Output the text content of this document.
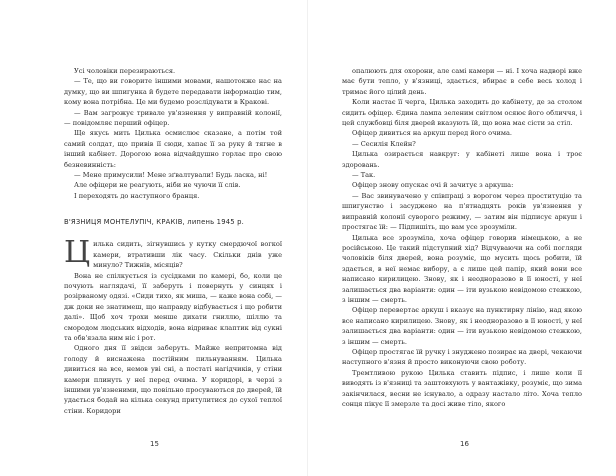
Усі чоловіки перезираються.

— Те, що ви говорите іншими мовами, нашотокже нас на думку, що ви шпигунка й будете передавати інформацію тим, кому вона потрібна. Це ми будемо розслідувати в Кракові.

— Вам загрожує тривале ув'язнення у виправній колонії, — повідомляє перший офіцер.

Ще якусь мить Цилька осмислює сказане, а потім той самий солдат, що привів її сюди, хапає її за руку й тягне в інший кабінет. Дорогою вона відчайдушно горлає про свою безневинність:

— Мене примусили! Мене зґвалтували! Будь ласка, ні!

Але офіцери не реагують, ніби не чуючи її слів.

І переходять до наступного бранця.

В'ЯЗНИЦЯ МОНТЕЛУПІЧ, КРАКІВ, липень 1945 р.

Цилька сидить, зігнувшись у кутку смердючої вогкої камери, втративши лік часу. Скільки днів уже минуло? Тижнів, місяців?

Вона не спілкується із сусідками по камері, бо, коли це почують наглядачі, її заберуть і повернуть у синцях і розірваному одязі. «Сиди тихо, як миша, — каже вона собі, — дж доки не знатимеш, що направду відбувається і що робити далі». Щоб хоч трохи менше дихати гниллю, шіллю та смородом людських відходів, вона відриває клаптик від сукні та обв'язала ним ніс і рот.

Одного дня її звідси заберуть. Майже непритомна від голоду й виснажена постійним пильнуванням. Цилька дивиться на все, немов уві сні, а постаті нагідчиків, у стіни камери плинуть у неї перед очима. У коридорі, в черзі з іншими ув'язненими, що повільно просуваються до дверей, їй удається бодай на кілька секунд притулитися до сухої теплої стіни. Коридори

15

опалюють для охорони, але самі камери — ні. І хоча надворі вже має бути тепло, у в'язниці, здається, вбирає в себе весь холод і тримає його цілий день.

Коли настає її черга, Цилька заходить до кабінету, де за столом сидить офіцер. Єдина лампа зеленим світлом осяює його обличчя, і цей службовці біля дверей вказують їй, що вона має сісти за стіл.

Офіцер дивиться на аркуш перед його очима.

— Сесилія Клейн?

Цилька озирається навкруг: у кабінеті лише вона і троє здоровань.

— Так.

Офіцер знову опускає очі й зачитує з аркуша:

— Вас звинувачено у співпраці з ворогом через проституцію та шпигунство і засуджено на п'ятнадцять років ув'язнення у виправній колонії суворого режиму, — затим він підписує аркуш і простягає їй: — Підпишіть, що вам усе зрозуміли.

Цилька все зрозуміла, хоча офіцер говорив німецькою, а не російською. Це такий підступний хід? Відчуваючи на собі погляди чоловіків біля дверей, вона розуміє, що мусить щось робити, їй здається, в неї немає вибору, а є лише цей папір, який вони все написано кирилицею. Знову, як і неодноразово в її юності, у неї залишається два варіанти: один — іти вузькою невідомою стежкою, з іншим — смерть.

Офіцер перевертає аркуш і вказує на пунктирну лінію, над якою все написано кирилицею. Знову, як і неодноразово в її юності, у неї залишається два варіанти: один — іти вузькою невідомою стежкою, з іншим — смерть.

Офіцер простягає їй ручку і знуджено позирає на двері, чекаючи наступного в'язня й просто виконуючи свою роботу.

Тремтливою рукою Цилька ставить підпис, і лише коли її виводять із в'язниці та заштовхують у вантажівку, розуміє, що зима закінчилася, весни не існувало, а одразу настало літо. Хоча тепло сонця пікує її змерзле та досі живе тіло, якого

16
